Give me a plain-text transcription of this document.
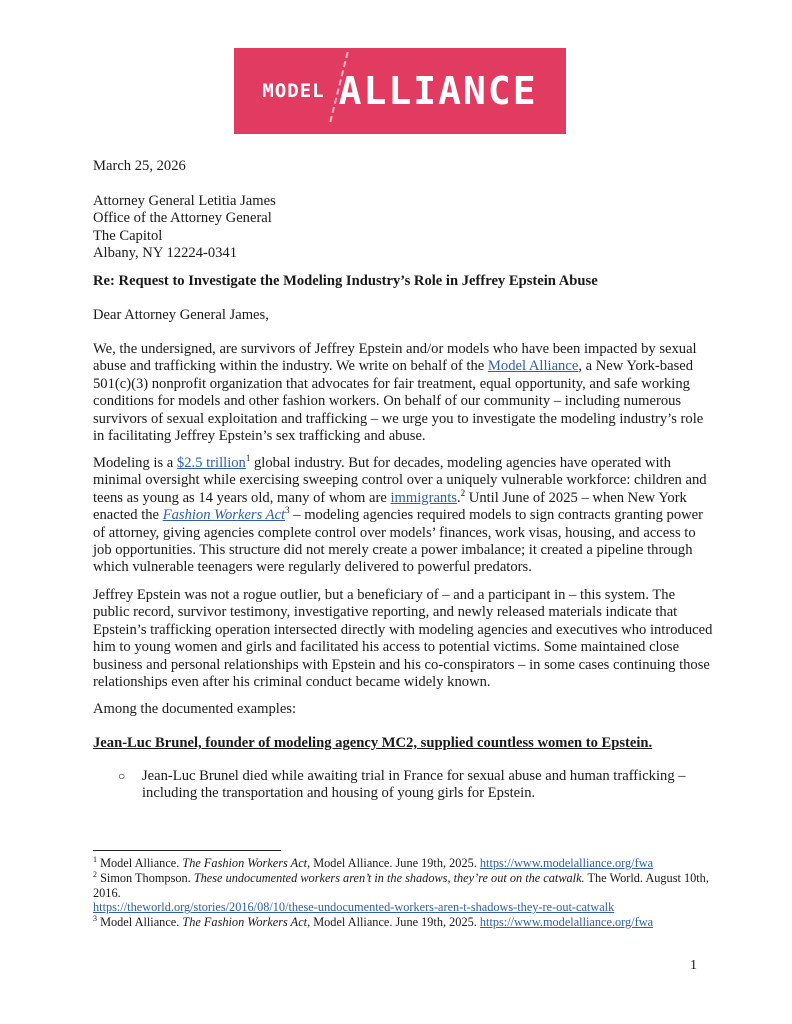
MODEL ALLIANCE

March 25, 2026

Attorney General Letitia James

Office of the Attorney General

The Capitol

Albany, NY 12224-0341

Re: Request to Investigate the Modeling Industry’s Role in Jeffrey Epstein Abuse

Dear Attorney General James,

We, the undersigned, are survivors of Jeffrey Epstein and/or models who have been impacted by sexual abuse and trafficking within the industry. We write on behalf of the Model Alliance, a New York-based 501(c)(3) nonprofit organization that advocates for fair treatment, equal opportunity, and safe working conditions for models and other fashion workers. On behalf of our community – including numerous survivors of sexual exploitation and trafficking – we urge you to investigate the modeling industry’s role in facilitating Jeffrey Epstein’s sex trafficking and abuse.

Modeling is a $2.5 trillion$^1$ global industry. But for decades, modeling agencies have operated with minimal oversight while exercising sweeping control over a uniquely vulnerable workforce: children and teens as young as 14 years old, many of whom are immigrants.$^2$ Until June of 2025 – when New York enacted the Fashion Workers Act$^3$ – modeling agencies required models to sign contracts granting power of attorney, giving agencies complete control over models’ finances, work visas, housing, and access to job opportunities. This structure did not merely create a power imbalance; it created a pipeline through which vulnerable teenagers were regularly delivered to powerful predators.

Jeffrey Epstein was not a rogue outlier, but a beneficiary of – and a participant in – this system. The public record, survivor testimony, investigative reporting, and newly released materials indicate that Epstein’s trafficking operation intersected directly with modeling agencies and executives who introduced him to young women and girls and facilitated his access to potential victims. Some maintained close business and personal relationships with Epstein and his co-conspirators – in some cases continuing those relationships even after his criminal conduct became widely known.

Among the documented examples:

Jean-Luc Brunel, founder of modeling agency MC2, supplied countless women to Epstein.

○ Jean-Luc Brunel died while awaiting trial in France for sexual abuse and human trafficking – including the transportation and housing of young girls for Epstein.

$^1$ Model Alliance. The Fashion Workers Act, Model Alliance. June 19th, 2025. https://www.modelalliance.org/fwa

$^2$ Simon Thompson. These undocumented workers aren’t in the shadows, they’re out on the catwalk. The World. August 10th, 2016.
https://theworld.org/stories/2016/08/10/these-undocumented-workers-aren-t-shadows-they-re-out-catwalk

$^3$ Model Alliance. The Fashion Workers Act, Model Alliance. June 19th, 2025. https://www.modelalliance.org/fwa

1
